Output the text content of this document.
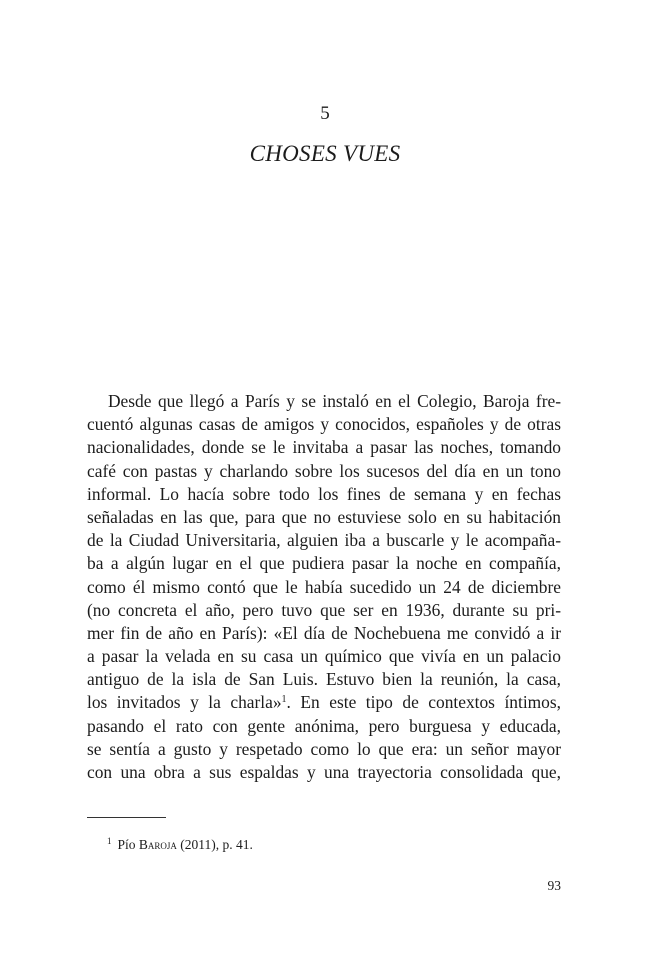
5
CHOSES VUES
Desde que llegó a París y se instaló en el Colegio, Baroja fre-
cuentó algunas casas de amigos y conocidos, españoles y de otras
nacionalidades, donde se le invitaba a pasar las noches, tomando
café con pastas y charlando sobre los sucesos del día en un tono
informal. Lo hacía sobre todo los fines de semana y en fechas
señaladas en las que, para que no estuviese solo en su habitación
de la Ciudad Universitaria, alguien iba a buscarle y le acompaña-
ba a algún lugar en el que pudiera pasar la noche en compañía,
como él mismo contó que le había sucedido un 24 de diciembre
(no concreta el año, pero tuvo que ser en 1936, durante su pri-
mer fin de año en París): «El día de Nochebuena me convidó a ir
a pasar la velada en su casa un químico que vivía en un palacio
antiguo de la isla de San Luis. Estuvo bien la reunión, la casa,
los invitados y la charla»$^1$. En este tipo de contextos íntimos,
pasando el rato con gente anónima, pero burguesa y educada,
se sentía a gusto y respetado como lo que era: un señor mayor
con una obra a sus espaldas y una trayectoria consolidada que,
$^1$ Pío Baroja (2011), p. 41.
93
